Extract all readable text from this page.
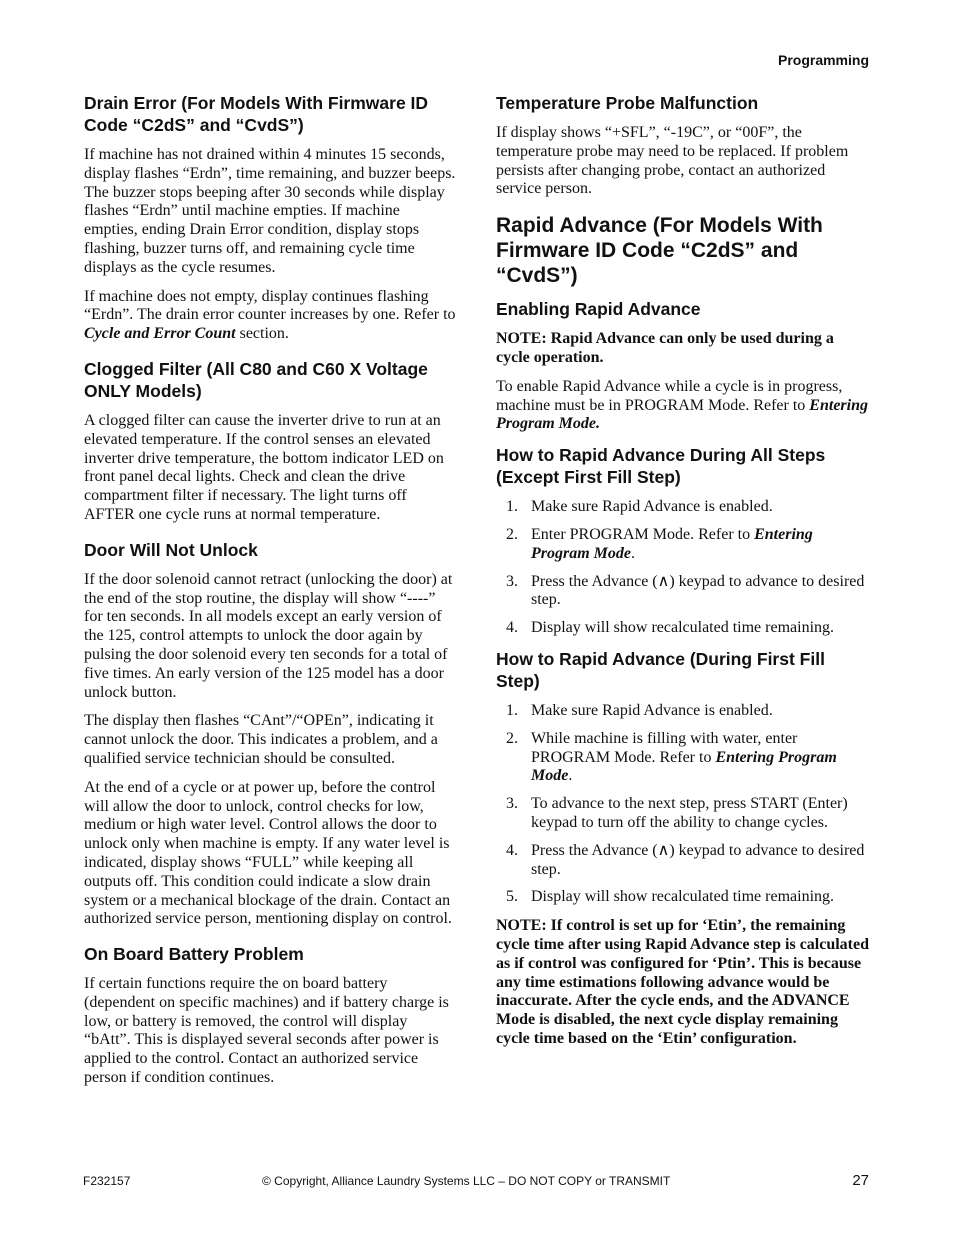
Programming
Drain Error (For Models With Firmware ID Code “C2dS” and “CvdS”)

If machine has not drained within 4 minutes 15 seconds, display flashes “Erdn”, time remaining, and buzzer beeps. The buzzer stops beeping after 30 seconds while display flashes “Erdn” until machine empties. If machine empties, ending Drain Error condition, display stops flashing, buzzer turns off, and remaining cycle time displays as the cycle resumes.

If machine does not empty, display continues flashing “Erdn”. The drain error counter increases by one. Refer to Cycle and Error Count section.

Clogged Filter (All C80 and C60 X Voltage ONLY Models)

A clogged filter can cause the inverter drive to run at an elevated temperature. If the control senses an elevated inverter drive temperature, the bottom indicator LED on front panel decal lights. Check and clean the drive compartment filter if necessary. The light turns off AFTER one cycle runs at normal temperature.

Door Will Not Unlock

If the door solenoid cannot retract (unlocking the door) at the end of the stop routine, the display will show “----” for ten seconds. In all models except an early version of the 125, control attempts to unlock the door again by pulsing the door solenoid every ten seconds for a total of five times. An early version of the 125 model has a door unlock button.

The display then flashes “CAnt”/“OPEn”, indicating it cannot unlock the door. This indicates a problem, and a qualified service technician should be consulted.

At the end of a cycle or at power up, before the control will allow the door to unlock, control checks for low, medium or high water level. Control allows the door to unlock only when machine is empty. If any water level is indicated, display shows “FULL” while keeping all outputs off. This condition could indicate a slow drain system or a mechanical blockage of the drain. Contact an authorized service person, mentioning display on control.

On Board Battery Problem

If certain functions require the on board battery (dependent on specific machines) and if battery charge is low, or battery is removed, the control will display “bAtt”. This is displayed several seconds after power is applied to the control. Contact an authorized service person if condition continues.

Temperature Probe Malfunction

If display shows “+SFL”, “-19C”, or “00F”, the temperature probe may need to be replaced. If problem persists after changing probe, contact an authorized service person.

Rapid Advance (For Models With Firmware ID Code “C2dS” and “CvdS”)
Enabling Rapid Advance

NOTE: Rapid Advance can only be used during a cycle operation.

To enable Rapid Advance while a cycle is in progress, machine must be in PROGRAM Mode. Refer to Entering Program Mode.

How to Rapid Advance During All Steps (Except First Fill Step)
1. Make sure Rapid Advance is enabled.
2. Enter PROGRAM Mode. Refer to Entering Program Mode.
3. Press the Advance (∧) keypad to advance to desired step.
4. Display will show recalculated time remaining.
How to Rapid Advance (During First Fill Step)
1. Make sure Rapid Advance is enabled.
2. While machine is filling with water, enter PROGRAM Mode. Refer to Entering Program Mode.
3. To advance to the next step, press START (Enter) keypad to turn off the ability to change cycles.
4. Press the Advance (∧) keypad to advance to desired step.
5. Display will show recalculated time remaining.

NOTE: If control is set up for ‘Etin’, the remaining cycle time after using Rapid Advance step is calculated as if control was configured for ‘Ptin’. This is because any time estimations following advance would be inaccurate. After the cycle ends, and the ADVANCE Mode is disabled, the next cycle display remaining cycle time based on the ‘Etin’ configuration.

F232157	© Copyright, Alliance Laundry Systems LLC – DO NOT COPY or TRANSMIT	27
